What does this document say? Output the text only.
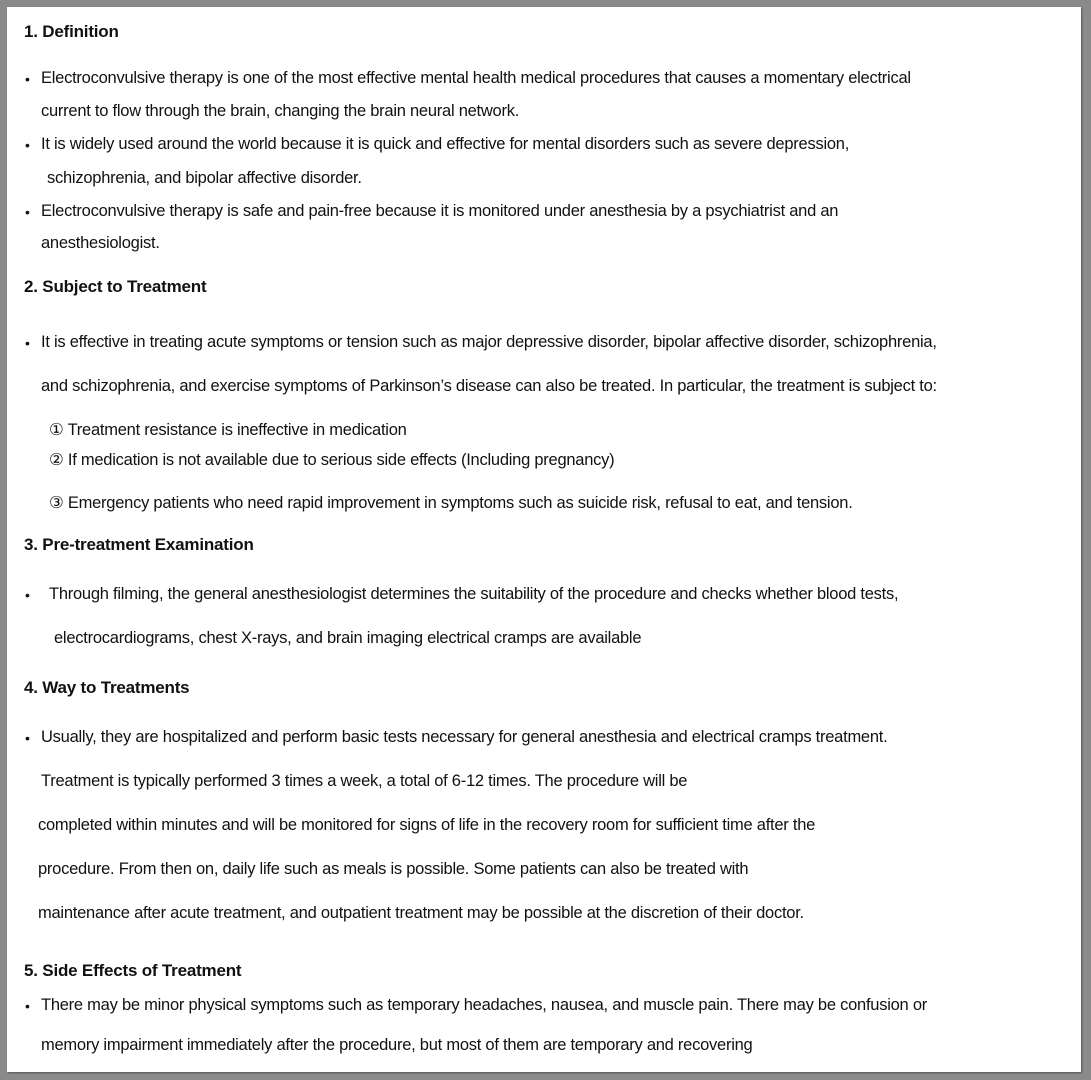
1. Definition
• Electroconvulsive therapy is one of the most effective mental health medical procedures that causes a momentary electrical
current to flow through the brain, changing the brain neural network.
• It is widely used around the world because it is quick and effective for mental disorders such as severe depression,
schizophrenia, and bipolar affective disorder.
• Electroconvulsive therapy is safe and pain-free because it is monitored under anesthesia by a psychiatrist and an
anesthesiologist.
2. Subject to Treatment
• It is effective in treating acute symptoms or tension such as major depressive disorder, bipolar affective disorder, schizophrenia,
and schizophrenia, and exercise symptoms of Parkinson’s disease can also be treated. In particular, the treatment is subject to:
① Treatment resistance is ineffective in medication
② If medication is not available due to serious side effects (Including pregnancy)
③ Emergency patients who need rapid improvement in symptoms such as suicide risk, refusal to eat, and tension.
3. Pre-treatment Examination
• Through filming, the general anesthesiologist determines the suitability of the procedure and checks whether blood tests,
electrocardiograms, chest X-rays, and brain imaging electrical cramps are available
4. Way to Treatments
• Usually, they are hospitalized and perform basic tests necessary for general anesthesia and electrical cramps treatment.
Treatment is typically performed 3 times a week, a total of 6-12 times. The procedure will be
completed within minutes and will be monitored for signs of life in the recovery room for sufficient time after the
procedure. From then on, daily life such as meals is possible. Some patients can also be treated with
maintenance after acute treatment, and outpatient treatment may be possible at the discretion of their doctor.
5. Side Effects of Treatment
• There may be minor physical symptoms such as temporary headaches, nausea, and muscle pain. There may be confusion or
memory impairment immediately after the procedure, but most of them are temporary and recovering
